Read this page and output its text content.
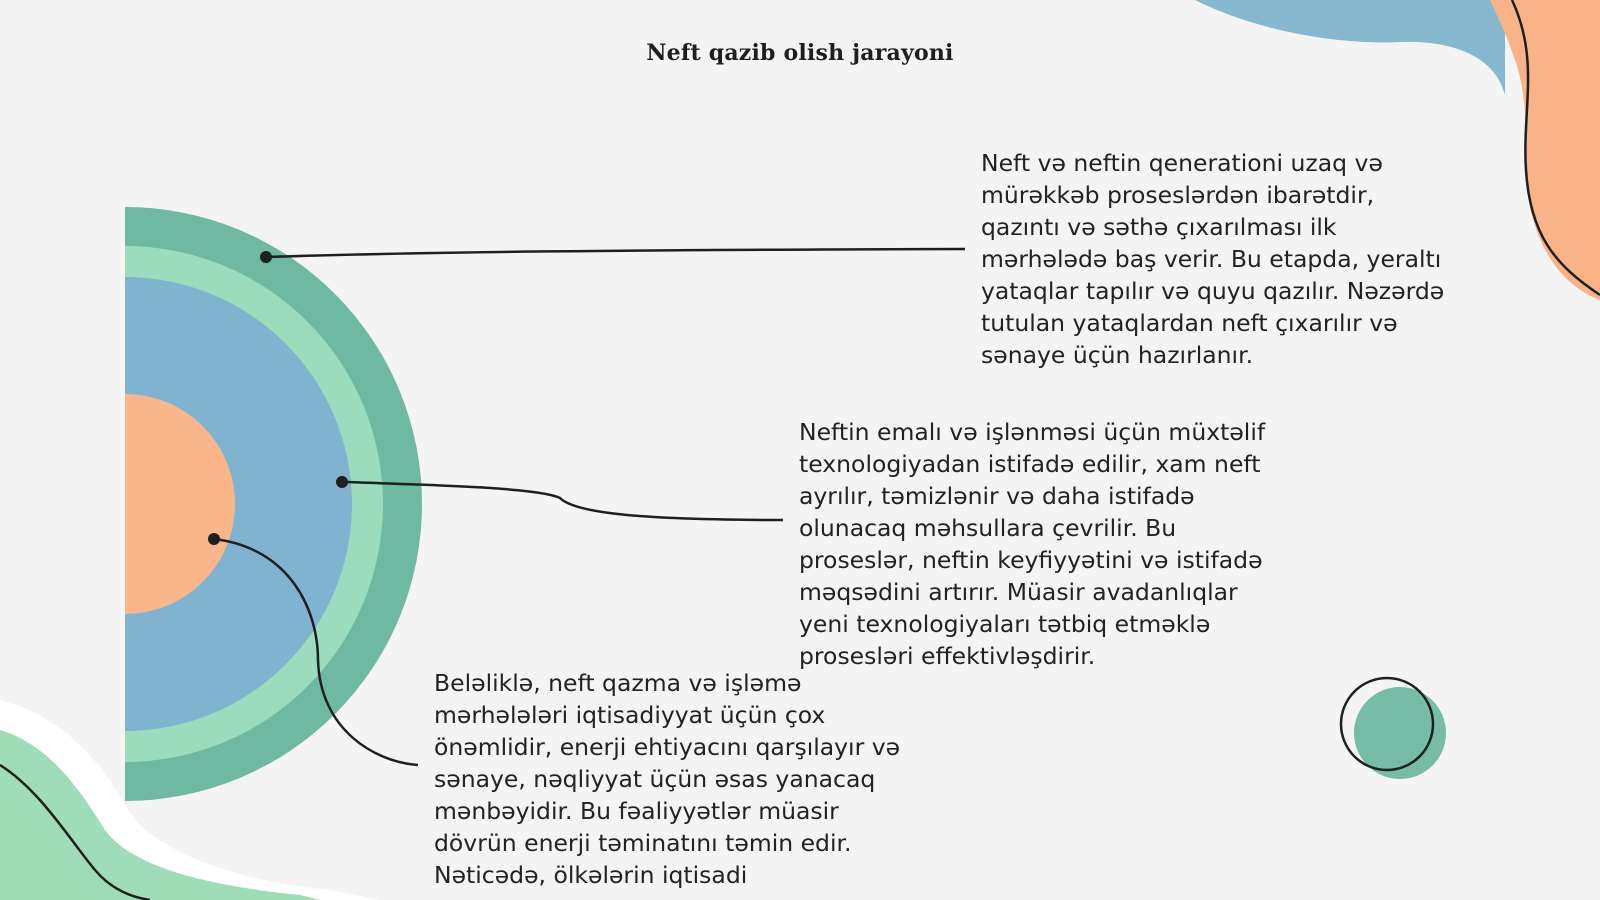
Neft qazib olish jarayoni

Neft və neftin qenerationi uzaq və mürəkkəb proseslərdən ibarətdir, qazıntı və səthə çıxarılması ilk mərhələdə baş verir. Bu etapda, yeraltı yataqlar tapılır və quyu qazılır. Nəzərdə tutulan yataqlardan neft çıxarılır və sənaye üçün hazırlanır.

Neftin emalı və işlənməsi üçün müxtəlif texnologiyadan istifadə edilir, xam neft ayrılır, təmizlənir və daha istifadə olunacaq məhsullara çevrilir. Bu proseslər, neftin keyfiyyətini və istifadə məqsədini artırır. Müasir avadanlıqlar yeni texnologiyaları tətbiq etməklə prosesləri effektivləşdirir.

Beləliklə, neft qazma və işləmə mərhələləri iqtisadiyyat üçün çox önəmlidir, enerji ehtiyacını qarşılayır və sənaye, nəqliyyat üçün əsas yanacaq mənbəyidir. Bu fəaliyyətlər müasir dövrün enerji təminatını təmin edir. Nəticədə, ölkələrin iqtisadi
